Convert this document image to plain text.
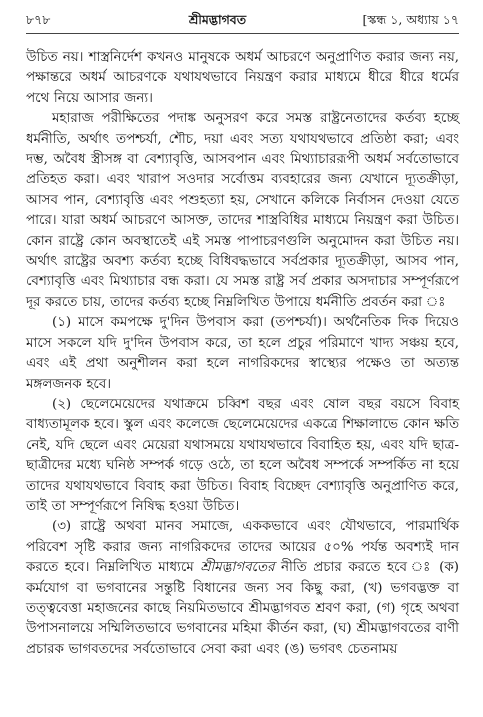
৮৭৮	শ্রীমদ্ভাগবত	[স্কন্ধ ১, অধ্যায় ১৭

উচিত নয়। শাস্ত্রনির্দেশ কখনও মানুষকে অধর্ম আচরণে অনুপ্রাণিত করার জন্য নয়, পক্ষান্তরে অধর্ম আচরণকে যথাযথভাবে নিয়ন্ত্রণ করার মাধ্যমে ধীরে ধীরে ধর্মের পথে নিয়ে আসার জন্য।

মহারাজ পরীক্ষিতের পদাঙ্ক অনুসরণ করে সমস্ত রাষ্ট্রনেতাদের কর্তব্য হচ্ছে ধর্মনীতি, অর্থাৎ তপশ্চর্যা, শৌচ, দয়া এবং সত্য যথাযথভাবে প্রতিষ্ঠা করা; এবং দম্ভ, অবৈধ স্ত্রীসঙ্গ বা বেশ্যাবৃত্তি, আসবপান এবং মিথ্যাচাররূপী অধর্ম সর্বতোভাবে প্রতিহত করা। এবং খারাপ সওদার সর্বোত্তম ব্যবহারের জন্য যেখানে দ্যূতক্রীড়া, আসব পান, বেশ্যাবৃত্তি এবং পশুহত্যা হয়, সেখানে কলিকে নির্বাসন দেওয়া যেতে পারে। যারা অধর্ম আচরণে আসক্ত, তাদের শাস্ত্রবিধির মাধ্যমে নিয়ন্ত্রণ করা উচিত। কোন রাষ্ট্রে কোন অবস্থাতেই এই সমস্ত পাপাচরণগুলি অনুমোদন করা উচিত নয়। অর্থাৎ রাষ্ট্রের অবশ্য কর্তব্য হচ্ছে বিধিবদ্ধভাবে সর্বপ্রকার দ্যূতক্রীড়া, আসব পান, বেশ্যাবৃত্তি এবং মিথ্যাচার বন্ধ করা। যে সমস্ত রাষ্ট্র সর্ব প্রকার অসদাচার সম্পূর্ণরূপে দূর করতে চায়, তাদের কর্তব্য হচ্ছে নিম্নলিখিত উপায়ে ধর্মনীতি প্রবর্তন করা ঃ

(১) মাসে কমপক্ষে দু'দিন উপবাস করা (তপশ্চর্যা)। অর্থনৈতিক দিক দিয়েও মাসে সকলে যদি দু'দিন উপবাস করে, তা হলে প্রচুর পরিমাণে খাদ্য সঞ্চয় হবে, এবং এই প্রথা অনুশীলন করা হলে নাগরিকদের স্বাস্থ্যের পক্ষেও তা অত্যন্ত মঙ্গলজনক হবে।

(২) ছেলেমেয়েদের যথাক্রমে চব্বিশ বছর এবং ষোল বছর বয়সে বিবাহ বাধ্যতামূলক হবে। স্কুল এবং কলেজে ছেলেমেয়েদের একত্রে শিক্ষালাভে কোন ক্ষতি নেই, যদি ছেলে এবং মেয়েরা যথাসময়ে যথাযথভাবে বিবাহিত হয়, এবং যদি ছাত্র-ছাত্রীদের মধ্যে ঘনিষ্ঠ সম্পর্ক গড়ে ওঠে, তা হলে অবৈধ সম্পর্কে সম্পর্কিত না হয়ে তাদের যথাযথভাবে বিবাহ করা উচিত। বিবাহ বিচ্ছেদ বেশ্যাবৃত্তি অনুপ্রাণিত করে, তাই তা সম্পূর্ণরূপে নিষিদ্ধ হওয়া উচিত।

(৩) রাষ্ট্রে অথবা মানব সমাজে, এককভাবে এবং যৌথভাবে, পারমার্থিক পরিবেশ সৃষ্টি করার জন্য নাগরিকদের তাদের আয়ের ৫০% পর্যন্ত অবশ্যই দান করতে হবে। নিম্নলিখিত মাধ্যমে শ্রীমদ্ভাগবতের নীতি প্রচার করতে হবে ঃ (ক) কর্মযোগ বা ভগবানের সন্তুষ্টি বিধানের জন্য সব কিছু করা, (খ) ভগবদ্ভক্ত বা তত্ত্ববেত্তা মহাজনের কাছে নিয়মিতভাবে শ্রীমদ্ভাগবত শ্রবণ করা, (গ) গৃহে অথবা উপাসনালয়ে সম্মিলিতভাবে ভগবানের মহিমা কীর্তন করা, (ঘ) শ্রীমদ্ভাগবতের বাণী প্রচারক ভাগবতদের সর্বতোভাবে সেবা করা এবং (ঙ) ভগবৎ চেতনাময়
